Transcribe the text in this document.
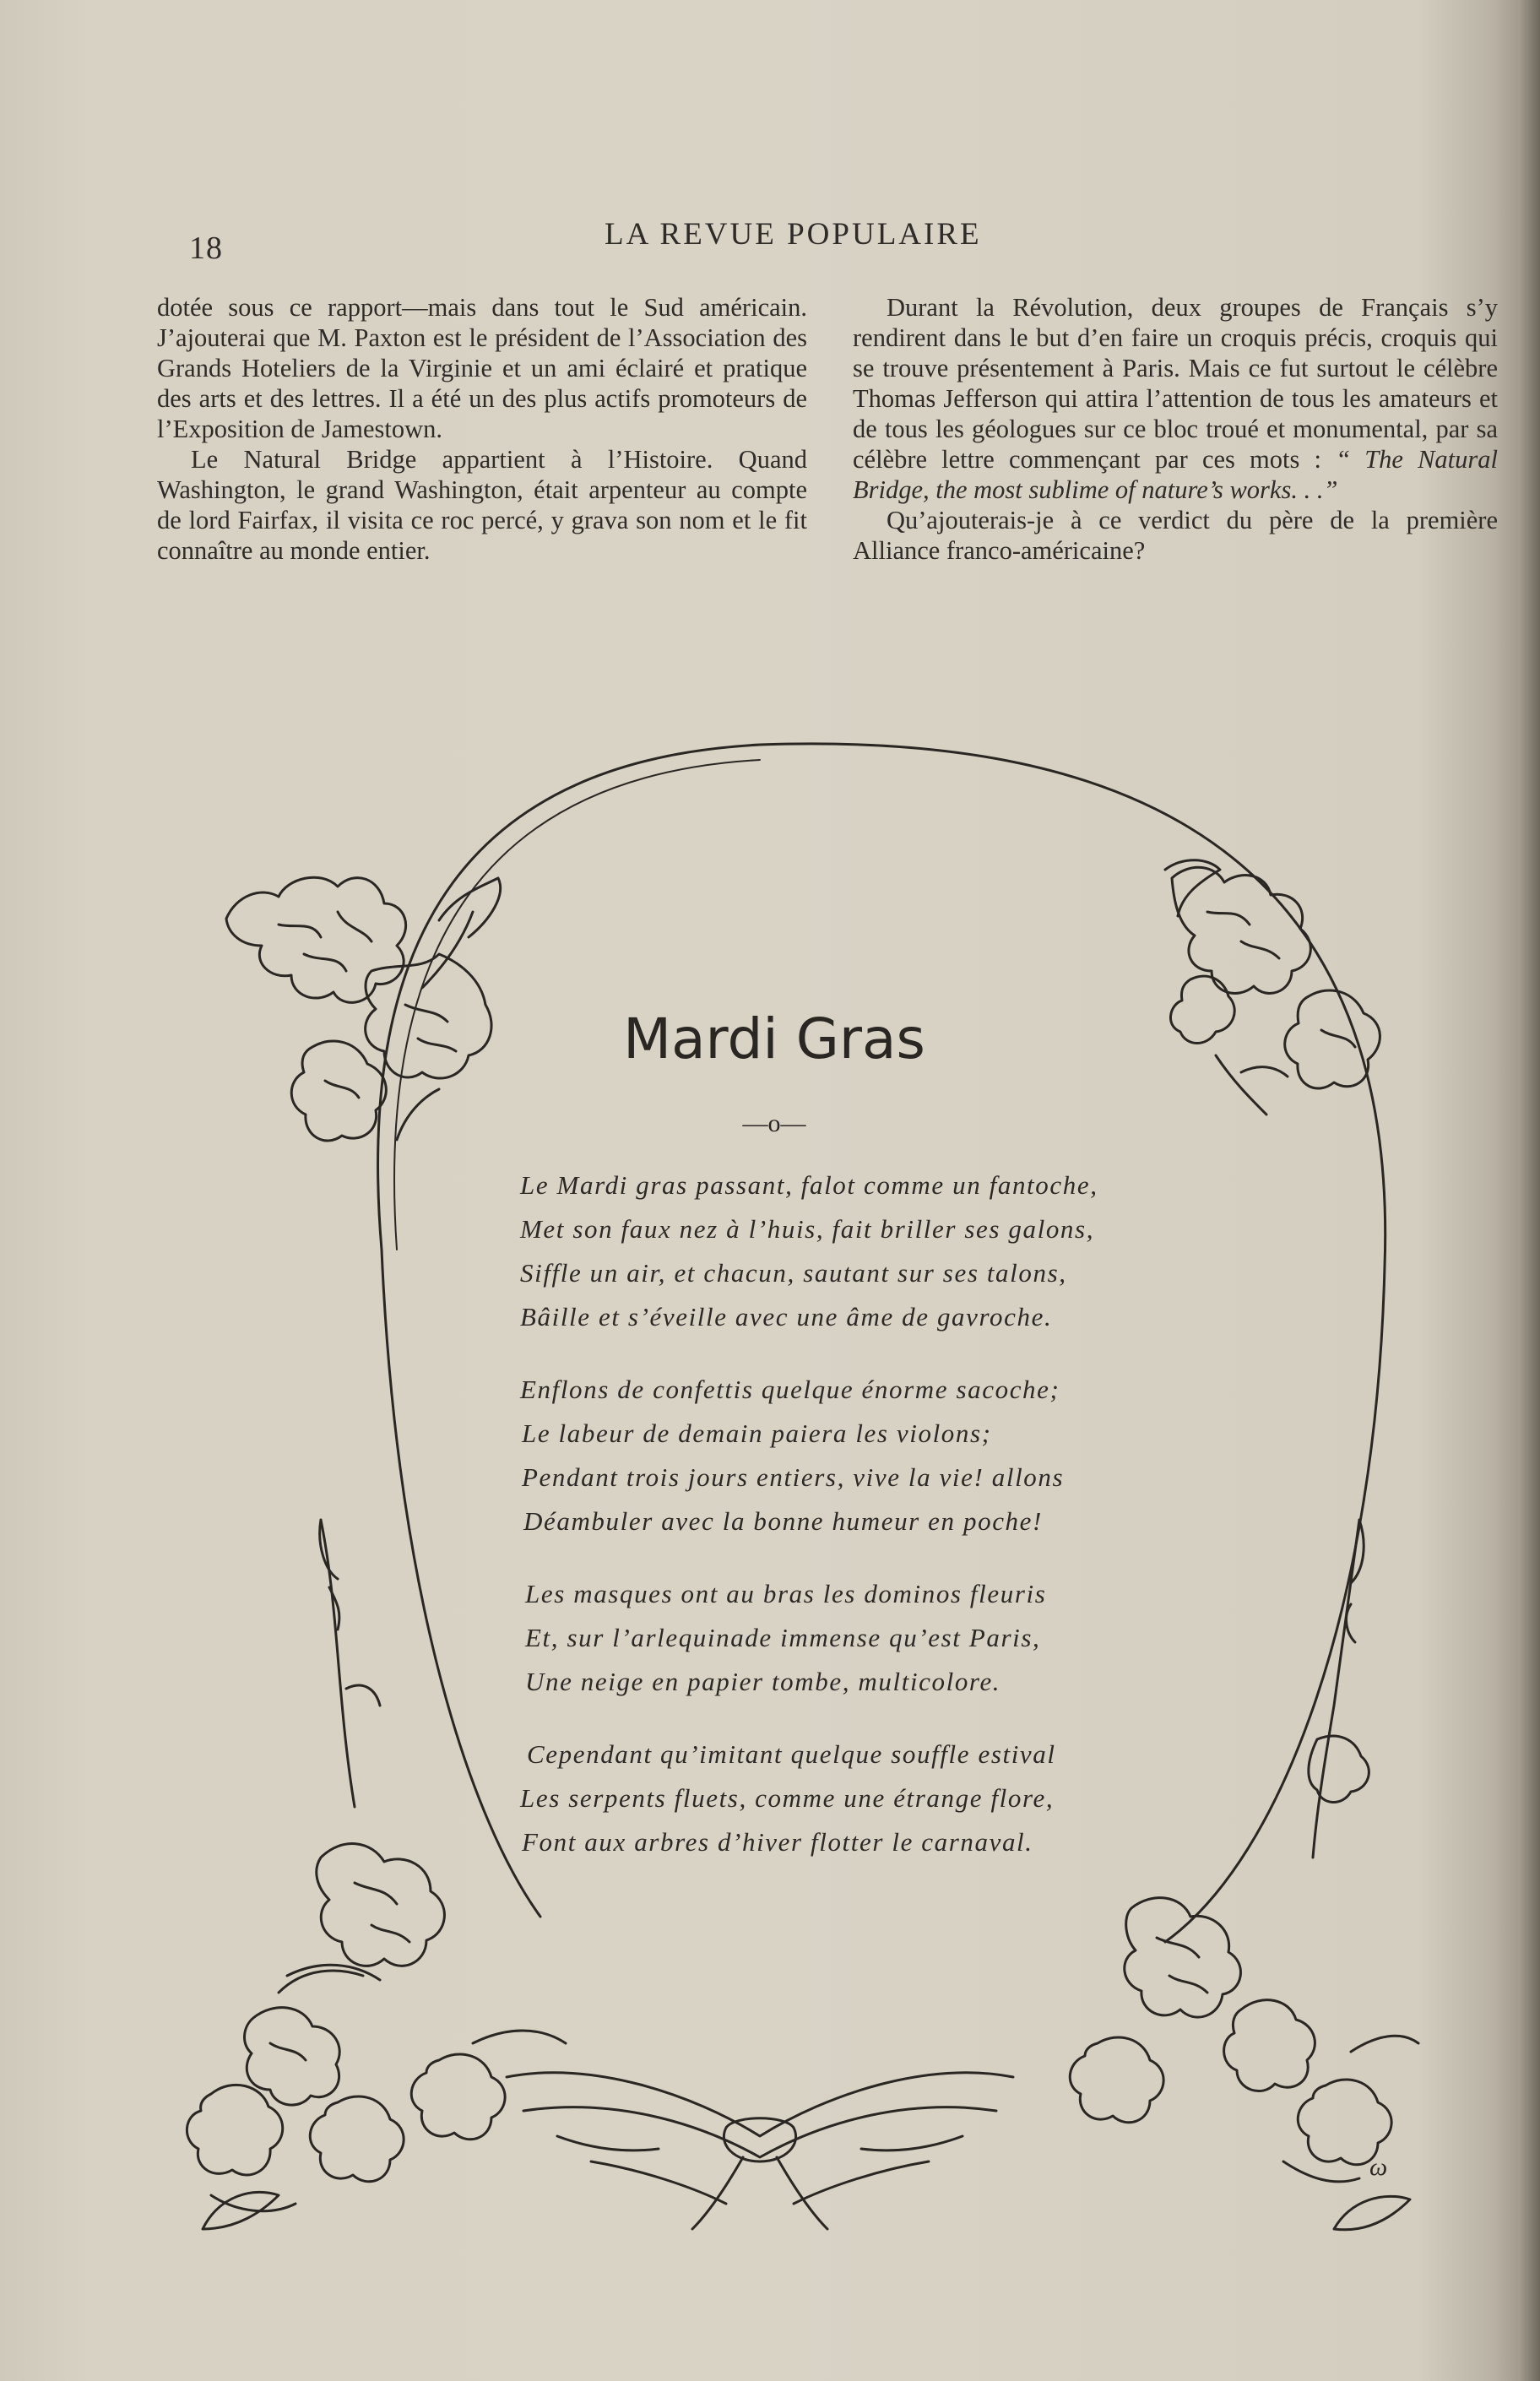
18	LA REVUE POPULAIRE

dotée sous ce rapport—mais dans tout le Sud américain. J’ajouterai que M. Paxton est le président de l’Association des Grands Hoteliers de la Virginie et un ami éclairé et pratique des arts et des lettres. Il a été un des plus actifs promoteurs de l’Exposition de Jamestown.

Le Natural Bridge appartient à l’Histoire. Quand Washington, le grand Washington, était arpenteur au compte de lord Fairfax, il visita ce roc percé, y grava son nom et le fit connaître au monde entier.

Durant la Révolution, deux groupes de Français s’y rendirent dans le but d’en faire un croquis précis, croquis qui se trouve présentement à Paris. Mais ce fut surtout le célèbre Thomas Jefferson qui attira l’attention de tous les amateurs et de tous les géologues sur ce bloc troué et monumental, par sa célèbre lettre commençant par ces mots : “ The Natural Bridge, the most sublime of nature’s works. . .”

Qu’ajouterais-je à ce verdict du père de la première Alliance franco-américaine?

Mardi Gras
—o—
Le Mardi gras passant, falot comme un fantoche,
Met son faux nez à l’huis, fait briller ses galons,
Siffle un air, et chacun, sautant sur ses talons,
Bâille et s’éveille avec une âme de gavroche.
Enflons de confettis quelque énorme sacoche;
Le labeur de demain paiera les violons;
Pendant trois jours entiers, vive la vie! allons
Déambuler avec la bonne humeur en poche!
Les masques ont au bras les dominos fleuris
Et, sur l’arlequinade immense qu’est Paris,
Une neige en papier tombe, multicolore.
Cependant qu’imitant quelque souffle estival
Les serpents fluets, comme une étrange flore,
Font aux arbres d’hiver flotter le carnaval.
ω
